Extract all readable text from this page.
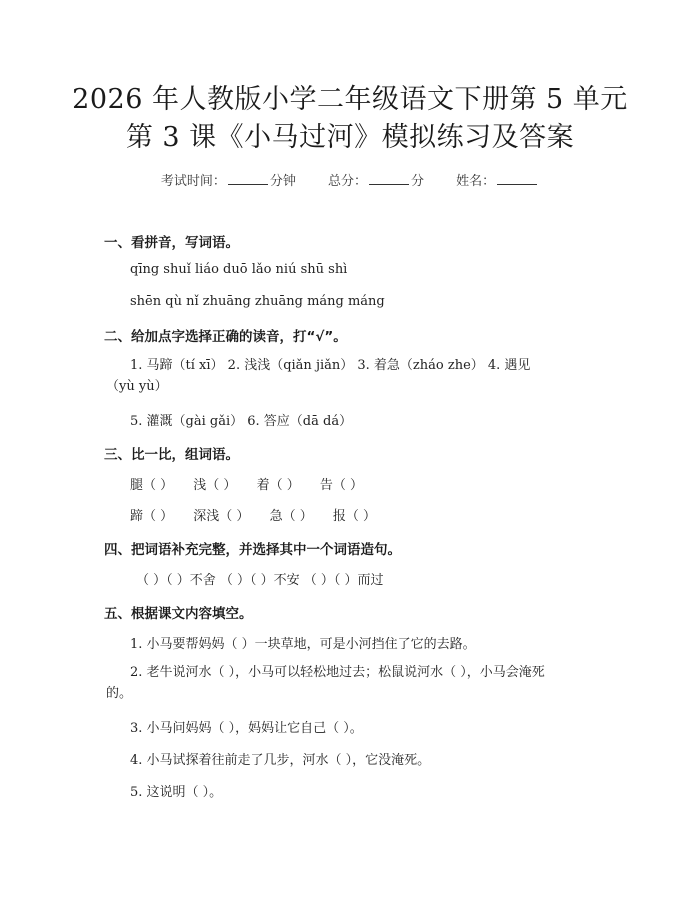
2026 年人教版小学二年级语文下册第 5 单元
第 3 课《小马过河》模拟练习及答案
考试时间：	分钟 总分：	分 姓名：
一、看拼音，写词语。
qīng shuǐ liáo duō lǎo niú shū shì
shēn qù nǐ zhuāng zhuāng máng máng
二、给加点字选择正确的读音，打“√”。
1. 马蹄（tí xī） 2. 浅浅（qiǎn jiǎn） 3. 着急（zháo zhe） 4. 遇见
（yù yù）
5. 灌溉（gài gǎi） 6. 答应（dā dá）
三、比一比，组词语。
腿（ ） 浅（ ） 着（ ） 告（ ）
蹄（ ） 深浅（ ） 急（ ） 报（ ）
四、把词语补充完整，并选择其中一个词语造句。
（ ）（ ）不舍 （ ）（ ）不安 （ ）（ ）而过
五、根据课文内容填空。
1. 小马要帮妈妈（ ）一块草地，可是小河挡住了它的去路。
2. 老牛说河水（ ），小马可以轻松地过去；松鼠说河水（ ），小马会淹死
的。
3. 小马问妈妈（ ），妈妈让它自己（ ）。
4. 小马试探着往前走了几步，河水（ ），它没淹死。
5. 这说明（ ）。
